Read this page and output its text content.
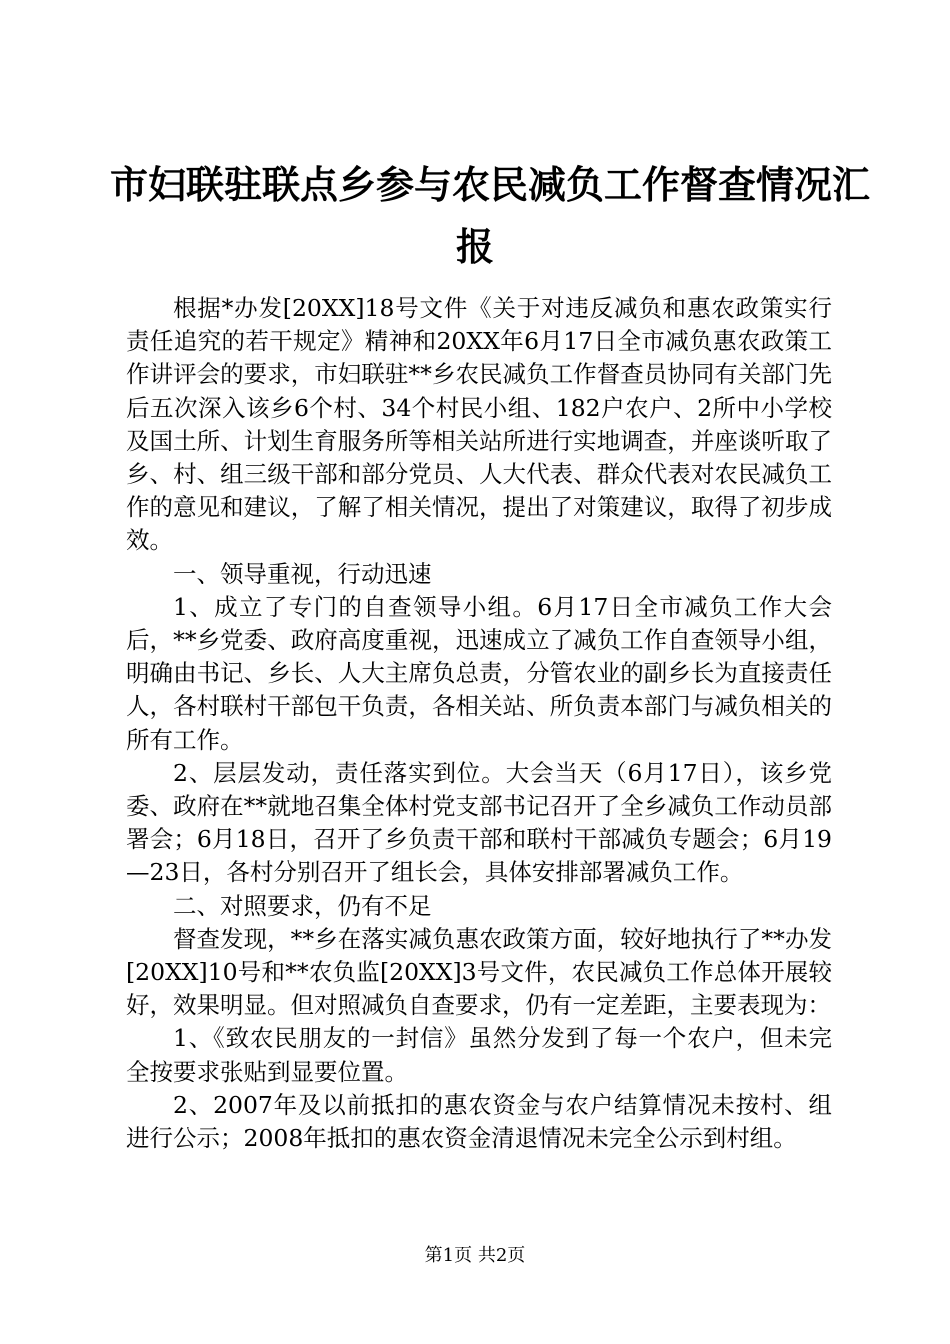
市妇联驻联点乡参与农民减负工作督查情况汇
报

根据*办发[20XX]18号文件《关于对违反减负和惠农政策实行责任追究的若干规定》精神和20XX年6月17日全市减负惠农政策工作讲评会的要求，市妇联驻**乡农民减负工作督查员协同有关部门先后五次深入该乡6个村、34个村民小组、182户农户、2所中小学校及国土所、计划生育服务所等相关站所进行实地调查，并座谈听取了乡、村、组三级干部和部分党员、人大代表、群众代表对农民减负工作的意见和建议，了解了相关情况，提出了对策建议，取得了初步成效。

一、领导重视，行动迅速

1、成立了专门的自查领导小组。6月17日全市减负工作大会后，**乡党委、政府高度重视，迅速成立了减负工作自查领导小组，明确由书记、乡长、人大主席负总责，分管农业的副乡长为直接责任人，各村联村干部包干负责，各相关站、所负责本部门与减负相关的所有工作。

2、层层发动，责任落实到位。大会当天（6月17日），该乡党委、政府在**就地召集全体村党支部书记召开了全乡减负工作动员部署会；6月18日，召开了乡负责干部和联村干部减负专题会；6月19—23日，各村分别召开了组长会，具体安排部署减负工作。

二、对照要求，仍有不足

督查发现，**乡在落实减负惠农政策方面，较好地执行了**办发[20XX]10号和**农负监[20XX]3号文件，农民减负工作总体开展较好，效果明显。但对照减负自查要求，仍有一定差距，主要表现为：

1、《致农民朋友的一封信》虽然分发到了每一个农户，但未完全按要求张贴到显要位置。

2、2007年及以前抵扣的惠农资金与农户结算情况未按村、组进行公示；2008年抵扣的惠农资金清退情况未完全公示到村组。

第1页 共2页
